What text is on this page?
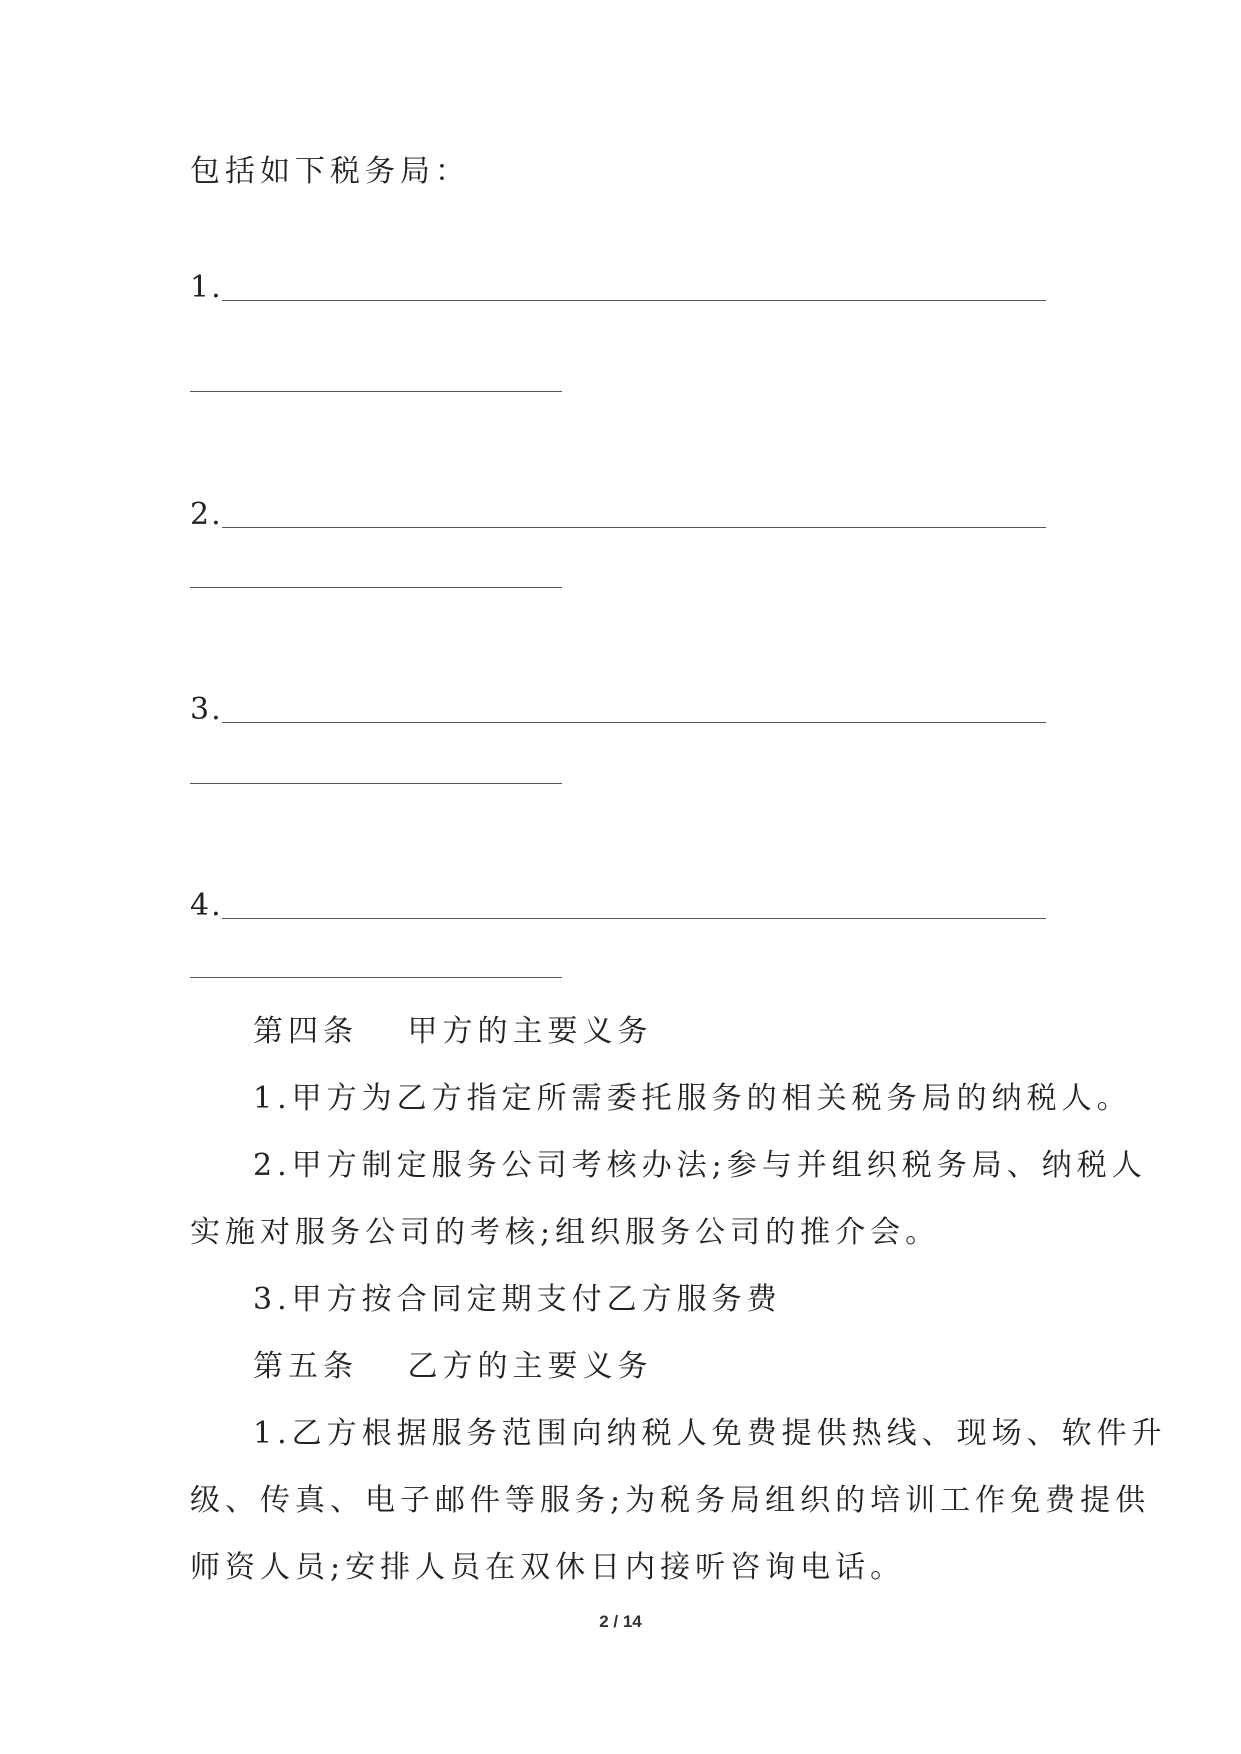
包括如下税务局：
1.
2.
3.
4.
第四条　 甲方的主要义务
1.甲方为乙方指定所需委托服务的相关税务局的纳税人。
2.甲方制定服务公司考核办法;参与并组织税务局、纳税人
实施对服务公司的考核;组织服务公司的推介会。
3.甲方按合同定期支付乙方服务费
第五条　 乙方的主要义务
1.乙方根据服务范围向纳税人免费提供热线、现场、软件升
级、传真、电子邮件等服务;为税务局组织的培训工作免费提供
师资人员;安排人员在双休日内接听咨询电话。
2 / 14
